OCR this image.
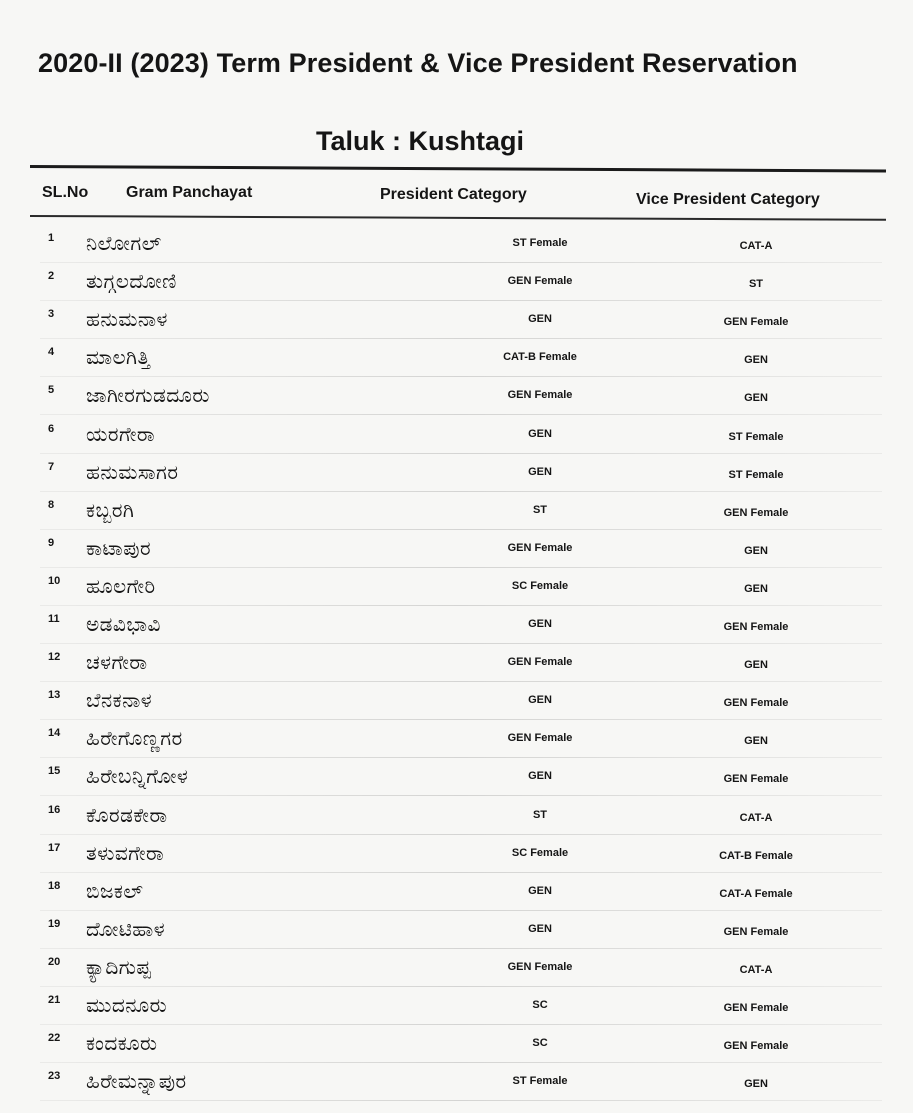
2020-II (2023) Term President & Vice President Reservation
Taluk : Kushtagi
SL.No Gram Panchayat	President Category	Vice President Category
1	ನಿಲೋಗಲ್	ST Female	CAT-A
2	ತುಗ್ಗಲದೋಣಿ	GEN Female	ST
3	ಹನುಮನಾಳ	GEN	GEN Female
4	ಮಾಲಗಿತ್ತಿ	CAT-B Female	GEN
5	ಜಾಗೀರಗುಡದೂರು	GEN Female	GEN
6	ಯರಗೇರಾ	GEN	ST Female
7	ಹನುಮಸಾಗರ	GEN	ST Female
8	ಕಬ್ಬರಗಿ	ST	GEN Female
9	ಕಾಟಾಪುರ	GEN Female	GEN
10	ಹೂಲಗೇರಿ	SC Female	GEN
11	ಅಡವಿಭಾವಿ	GEN	GEN Female
12	ಚಳಗೇರಾ	GEN Female	GEN
13	ಬೆನಕನಾಳ	GEN	GEN Female
14	ಹಿರೇಗೊಣ್ಣಗರ	GEN Female	GEN
15	ಹಿರೇಬನ್ನಿಗೋಳ	GEN	GEN Female
16	ಕೊರಡಕೇರಾ	ST	CAT-A
17	ತಳುವಗೇರಾ	SC Female	CAT-B Female
18	ಬಿಜಕಲ್	GEN	CAT-A Female
19	ದೋಟಿಹಾಳ	GEN	GEN Female
20	ಕ್ಯಾದಿಗುಪ್ಪ	GEN Female	CAT-A
21	ಮುದನೂರು	SC	GEN Female
22	ಕಂದಕೂರು	SC	GEN Female
23	ಹಿರೇಮನ್ನಾಪುರ	ST Female	GEN
